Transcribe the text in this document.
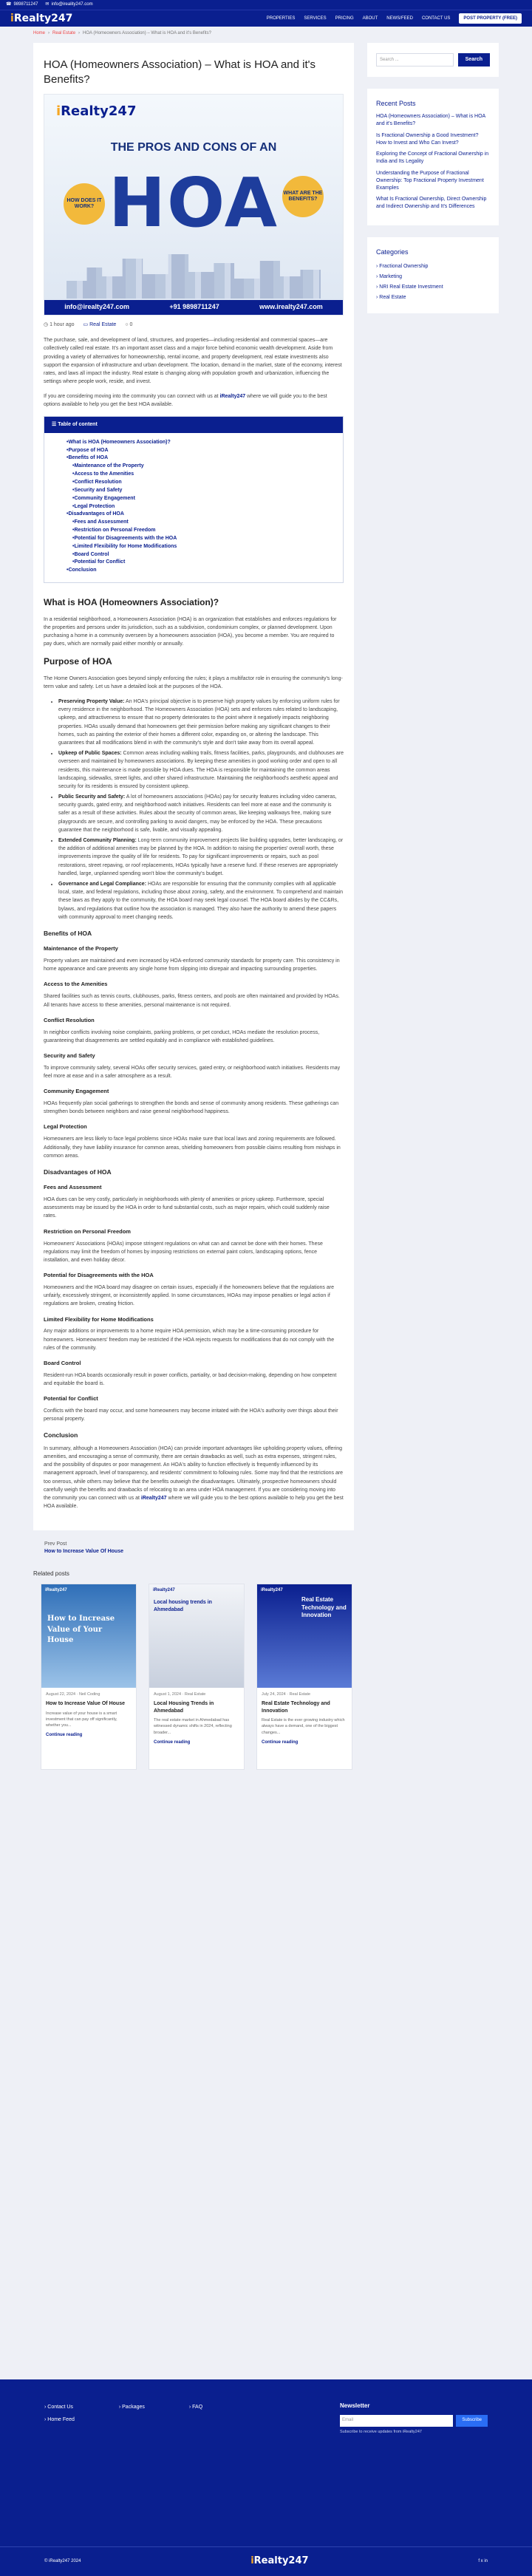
☎ 9898711247 ✉ info@ireality247.com
iRealty247	PROPERTIES SERVICES PRICING ABOUT NEWS/FEED CONTACT US	POST PROPERTY (FREE)
Home › Real Estate › HOA (Homeowners Association) – What is HOA and it's Benefits?
HOA (Homeowners Association) – What is HOA and it's Benefits?
iRealty247
THE PROS AND CONS OF AN
HOA
HOW DOES IT WORK?
WHAT ARE THE BENEFITS?
info@irealty247.com	+91 9898711247	www.irealty247.com
◷ 1 hour ago ▭ Real Estate ○ 0

The purchase, sale, and development of land, structures, and properties—including residential and commercial spaces—are collectively called real estate. It's an important asset class and a major force behind economic wealth development. Aside from providing a variety of alternatives for homeownership, rental income, and property development, real estate investments also support the expansion of infrastructure and urban development. The location, demand in the market, state of the economy, interest rates, and laws all impact the industry. Real estate is changing along with population growth and urbanization, influencing the settings where people work, reside, and invest.

If you are considering moving into the community you can connect with us at iRealty247 where we will guide you to the best options available to help you get the best HOA available.

☰ Table of content
• What is HOA (Homeowners Association)?
• Purpose of HOA
• Benefits of HOA
• Maintenance of the Property
• Access to the Amenities
• Conflict Resolution
• Security and Safety
• Community Engagement
• Legal Protection
• Disadvantages of HOA
• Fees and Assessment
• Restriction on Personal Freedom
• Potential for Disagreements with the HOA
• Limited Flexibility for Home Modifications
• Board Control
• Potential for Conflict
• Conclusion
What is HOA (Homeowners Association)?

In a residential neighborhood, a Homeowners Association (HOA) is an organization that establishes and enforces regulations for the properties and persons under its jurisdiction, such as a subdivision, condominium complex, or planned development. Upon purchasing a home in a community overseen by a homeowners association (HOA), you become a member. You are required to pay dues, which are normally paid either monthly or annually.

Purpose of HOA

The Home Owners Association goes beyond simply enforcing the rules; it plays a multifactor role in ensuring the community's long-term value and safety. Let us have a detailed look at the purposes of the HOA.

• Preserving Property Value: An HOA's principal objective is to preserve high property values by enforcing uniform rules for every residence in the neighborhood. The Homeowners Association (HOA) sets and enforces rules related to landscaping, upkeep, and attractiveness to ensure that no property deteriorates to the point where it negatively impacts neighboring properties. HOAs usually demand that homeowners get their permission before making any significant changes to their homes, such as painting the exterior of their homes a different color, expanding on, or altering the landscape. This guarantees that all modifications blend in with the community's style and don't take away from its overall appeal.
• Upkeep of Public Spaces: Common areas including walking trails, fitness facilities, parks, playgrounds, and clubhouses are overseen and maintained by homeowners associations. By keeping these amenities in good working order and open to all residents, this maintenance is made possible by HOA dues. The HOA is responsible for maintaining the common areas landscaping, sidewalks, street lights, and other shared infrastructure. Maintaining the neighborhood's aesthetic appeal and security for its residents is ensured by consistent upkeep.
• Public Security and Safety: A lot of homeowners associations (HOAs) pay for security features including video cameras, security guards, gated entry, and neighborhood watch initiatives. Residents can feel more at ease and the community is safer as a result of these activities. Rules about the security of common areas, like keeping walkways free, making sure playgrounds are secure, and controlling parking to avoid dangers, may be enforced by the HOA. These precautions guarantee that the neighborhood is safe, livable, and visually appealing.
• Extended Community Planning: Long-term community improvement projects like building upgrades, better landscaping, or the addition of additional amenities may be planned by the HOA. In addition to raising the properties' overall worth, these improvements improve the quality of life for residents. To pay for significant improvements or repairs, such as pool restorations, street repaving, or roof replacements, HOAs typically have a reserve fund. If these reserves are appropriately handled, large, unplanned spending won't blow the community's budget.
• Governance and Legal Compliance: HOAs are responsible for ensuring that the community complies with all applicable local, state, and federal regulations, including those about zoning, safety, and the environment. To comprehend and maintain these laws as they apply to the community, the HOA board may seek legal counsel. The HOA board abides by the CC&Rs, bylaws, and regulations that outline how the association is managed. They also have the authority to amend these papers with community approval to meet changing needs.
Benefits of HOA
Maintenance of the Property

Property values are maintained and even increased by HOA-enforced community standards for property care. This consistency in home appearance and care prevents any single home from slipping into disrepair and impacting surrounding properties.

Access to the Amenities

Shared facilities such as tennis courts, clubhouses, parks, fitness centers, and pools are often maintained and provided by HOAs. All tenants have access to these amenities, personal maintenance is not required.

Conflict Resolution

In neighbor conflicts involving noise complaints, parking problems, or pet conduct, HOAs mediate the resolution process, guaranteeing that disagreements are settled equitably and in compliance with established guidelines.

Security and Safety

To improve community safety, several HOAs offer security services, gated entry, or neighborhood watch initiatives. Residents may feel more at ease and in a safer atmosphere as a result.

Community Engagement

HOAs frequently plan social gatherings to strengthen the bonds and sense of community among residents. These gatherings can strengthen bonds between neighbors and raise general neighborhood happiness.

Legal Protection

Homeowners are less likely to face legal problems since HOAs make sure that local laws and zoning requirements are followed. Additionally, they have liability insurance for common areas, shielding homeowners from possible claims resulting from mishaps in common areas.

Disadvantages of HOA
Fees and Assessment

HOA dues can be very costly, particularly in neighborhoods with plenty of amenities or pricey upkeep. Furthermore, special assessments may be issued by the HOA in order to fund substantial costs, such as major repairs, which could suddenly raise rates.

Restriction on Personal Freedom

Homeowners' Associations (HOAs) impose stringent regulations on what can and cannot be done with their homes. These regulations may limit the freedom of homes by imposing restrictions on external paint colors, landscaping options, fence installation, and even holiday décor.

Potential for Disagreements with the HOA

Homeowners and the HOA board may disagree on certain issues, especially if the homeowners believe that the regulations are unfairly, excessively stringent, or inconsistently applied. In some circumstances, HOAs may impose penalties or legal action if regulations are broken, creating friction.

Limited Flexibility for Home Modifications

Any major additions or improvements to a home require HOA permission, which may be a time-consuming procedure for homeowners. Homeowners' freedom may be restricted if the HOA rejects requests for modifications that do not comply with the rules of the community.

Board Control

Resident-run HOA boards occasionally result in power conflicts, partiality, or bad decision-making, depending on how competent and equitable the board is.

Potential for Conflict

Conflicts with the board may occur, and some homeowners may become irritated with the HOA's authority over things about their personal property.

Conclusion

In summary, although a Homeowners Association (HOA) can provide important advantages like upholding property values, offering amenities, and encouraging a sense of community, there are certain drawbacks as well, such as extra expenses, stringent rules, and the possibility of disputes or poor management. An HOA's ability to function effectively is frequently influenced by its management approach, level of transparency, and residents' commitment to following rules. Some may find that the restrictions are too onerous, while others may believe that the benefits outweigh the disadvantages. Ultimately, prospective homeowners should carefully weigh the benefits and drawbacks of relocating to an area under HOA management. If you are considering moving into the community you can connect with us at iRealty247 where we will guide you to the best options available to help you get the best HOA available.

Search ...	Search
Recent Posts
HOA (Homeowners Association) – What is HOA and it's Benefits?
Is Fractional Ownership a Good Investment? How to Invest and Who Can Invest?
Exploring the Concept of Fractional Ownership in India and Its Legality
Understanding the Purpose of Fractional Ownership: Top Fractional Property Investment Examples
What Is Fractional Ownership, Direct Ownership and Indirect Ownership and It's Differences
Categories
› Fractional Ownership
› Marketing
› NRI Real Estate Investment
› Real Estate
Prev Post
How to Increase Value Of House
Related posts
iRealty247
How to Increase Value of Your House
August 22, 2024 · Neil Coding
How to Increase Value Of House
Increase value of your house is a smart investment that can pay off significantly, whether you...
Continue reading
iRealty247
Local housing trends in Ahmedabad
August 1, 2024 · Real Estate
Local Housing Trends in Ahmedabad
The real estate market in Ahmedabad has witnessed dynamic shifts in 2024, reflecting broader...
Continue reading
iRealty247
Real Estate Technology and Innovation
July 24, 2024 · Real Estate
Real Estate Technology and Innovation
Real Estate is the ever growing industry which always have a demand, one of the biggest changes...
Continue reading
› Contact Us
› Home Feed
› Packages
›	FAQ	Newsletter
Email	Subscribe
Subscribe to receive updates from iRealty247
© iRealty247 2024	iRealty247	f x in
